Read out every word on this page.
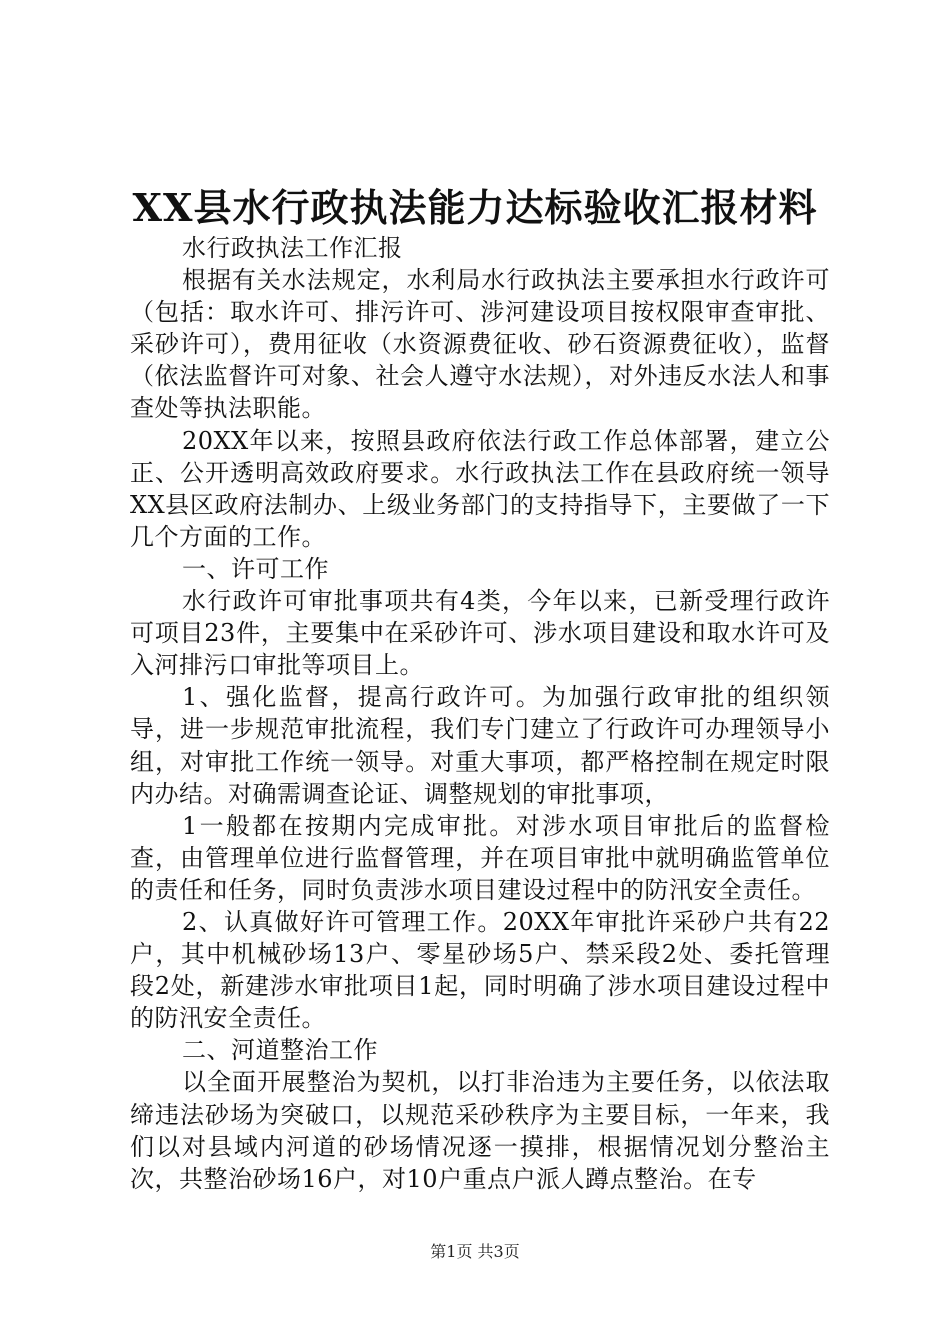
XX县水行政执法能力达标验收汇报材料

水行政执法工作汇报

根据有关水法规定，水利局水行政执法主要承担水行政许可（包括：取水许可、排污许可、涉河建设项目按权限审查审批、采砂许可），费用征收（水资源费征收、砂石资源费征收），监督（依法监督许可对象、社会人遵守水法规），对外违反水法人和事查处等执法职能。

20XX年以来，按照县政府依法行政工作总体部署，建立公正、公开透明高效政府要求。水行政执法工作在县政府统一领导XX县区政府法制办、上级业务部门的支持指导下，主要做了一下几个方面的工作。

一、许可工作

水行政许可审批事项共有4类，今年以来，已新受理行政许可项目23件，主要集中在采砂许可、涉水项目建设和取水许可及入河排污口审批等项目上。

1、强化监督，提高行政许可。为加强行政审批的组织领导，进一步规范审批流程，我们专门建立了行政许可办理领导小组，对审批工作统一领导。对重大事项，都严格控制在规定时限内办结。对确需调查论证、调整规划的审批事项，

1一般都在按期内完成审批。对涉水项目审批后的监督检查，由管理单位进行监督管理，并在项目审批中就明确监管单位的责任和任务，同时负责涉水项目建设过程中的防汛安全责任。

2、认真做好许可管理工作。20XX年审批许采砂户共有22户，其中机械砂场13户、零星砂场5户、禁采段2处、委托管理段2处，新建涉水审批项目1起，同时明确了涉水项目建设过程中的防汛安全责任。

二、河道整治工作

以全面开展整治为契机，以打非治违为主要任务，以依法取缔违法砂场为突破口，以规范采砂秩序为主要目标，一年来，我们以对县域内河道的砂场情况逐一摸排，根据情况划分整治主次，共整治砂场16户，对10户重点户派人蹲点整治。在专

第1页 共3页
